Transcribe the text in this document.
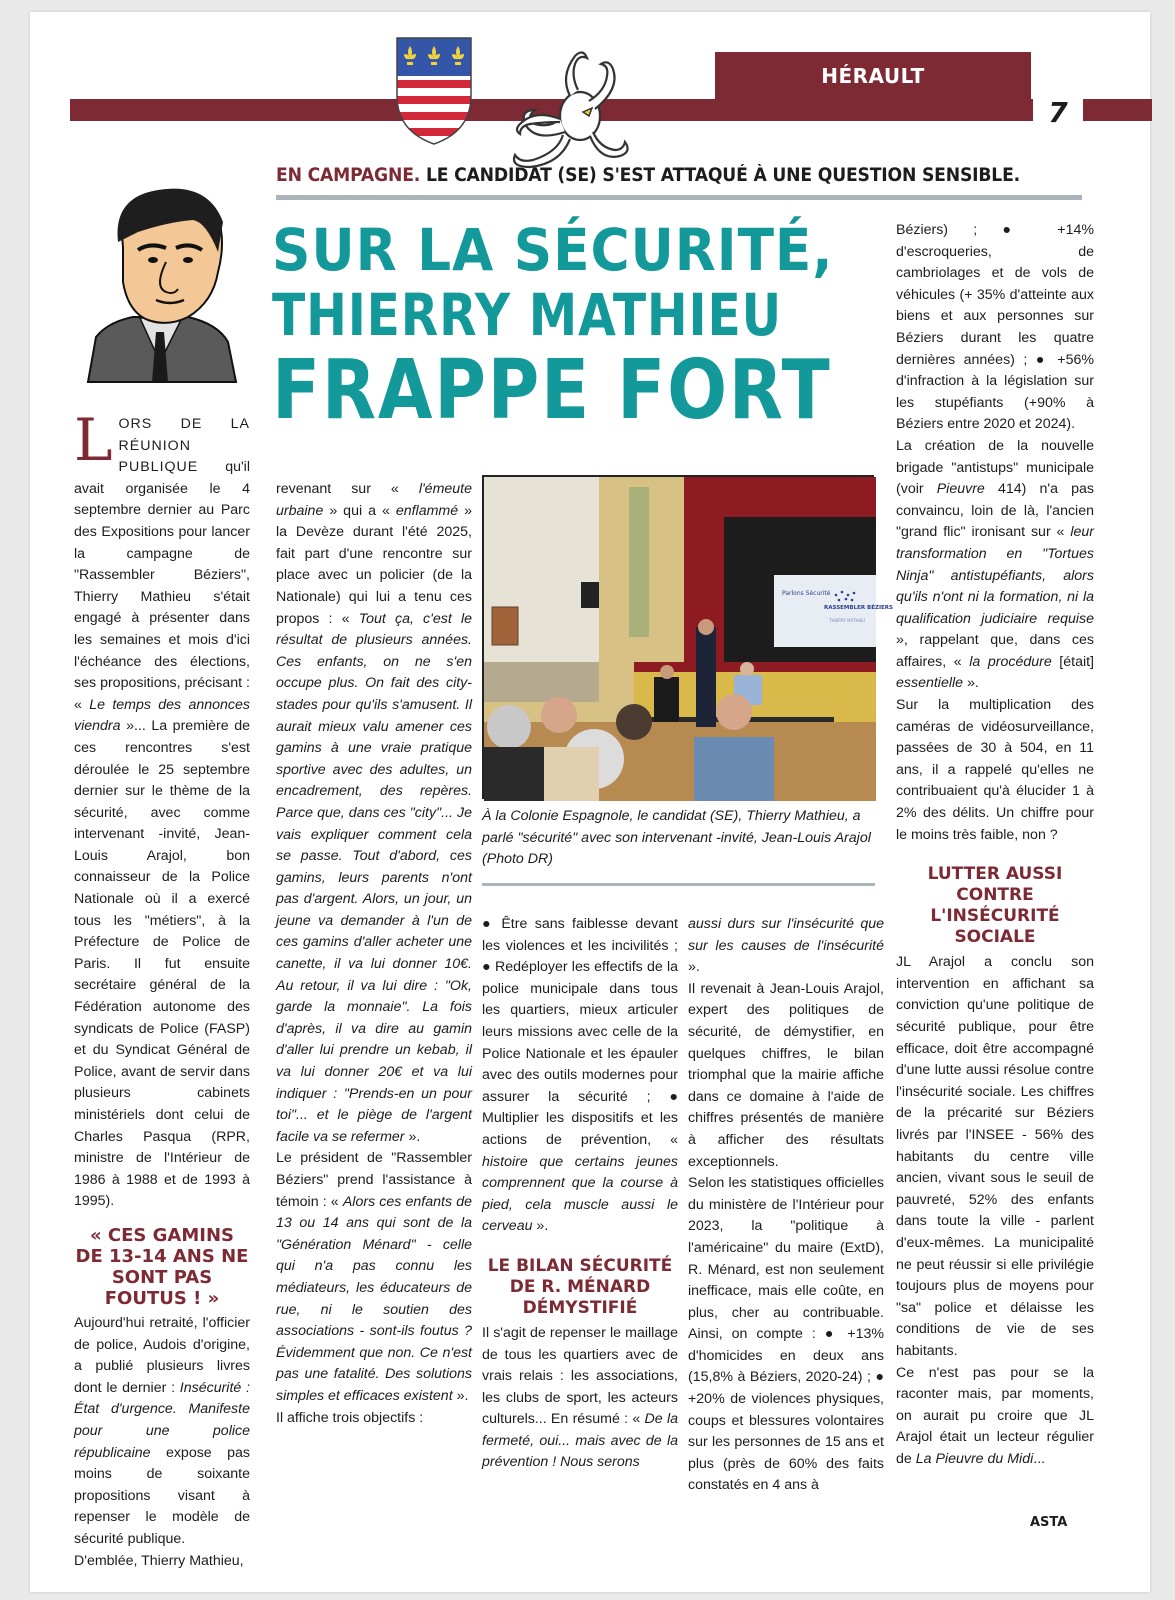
HÉRAULT
7
EN CAMPAGNE. LE CANDIDAT (SE) S'EST ATTAQUÉ À UNE QUESTION SENSIBLE.
SUR LA SÉCURITÉ,
THIERRY MATHIEU
FRAPPE FORT

LORS DE LA RÉUNION PUBLIQUE qu'il avait organisée le 4 septembre dernier au Parc des Expositions pour lancer la campagne de "Rassembler Béziers", Thierry Mathieu s'était engagé à présenter dans les semaines et mois d'ici l'échéance des élections, ses propositions, précisant : « Le temps des annonces viendra »... La première de ces rencontres s'est déroulée le 25 septembre dernier sur le thème de la sécurité, avec comme intervenant -invité, Jean-Louis Arajol, bon connaisseur de la Police Nationale où il a exercé tous les "métiers", à la Préfecture de Police de Paris. Il fut ensuite secrétaire général de la Fédération autonome des syndicats de Police (FASP) et du Syndicat Général de Police, avant de servir dans plusieurs cabinets ministériels dont celui de Charles Pasqua (RPR, ministre de l'Intérieur de 1986 à 1988 et de 1993 à 1995).

« CES GAMINS DE 13-14 ANS NE SONT PAS FOUTUS ! »

Aujourd'hui retraité, l'officier de police, Audois d'origine, a publié plusieurs livres dont le dernier : Insécurité : État d'urgence. Manifeste pour une police républicaine expose pas moins de soixante propositions visant à repenser le modèle de sécurité publique.

D'emblée, Thierry Mathieu,

revenant sur « l'émeute urbaine » qui a « enflammé » la Devèze durant l'été 2025, fait part d'une rencontre sur place avec un policier (de la Nationale) qui lui a tenu ces propos : « Tout ça, c'est le résultat de plusieurs années. Ces enfants, on ne s'en occupe plus. On fait des city-stades pour qu'ils s'amusent. Il aurait mieux valu amener ces gamins à une vraie pratique sportive avec des adultes, un encadrement, des repères. Parce que, dans ces "city"... Je vais expliquer comment cela se passe. Tout d'abord, ces gamins, leurs parents n'ont pas d'argent. Alors, un jour, un jeune va demander à l'un de ces gamins d'aller acheter une canette, il va lui donner 10€. Au retour, il va lui dire : "Ok, garde la monnaie". La fois d'après, il va dire au gamin d'aller lui prendre un kebab, il va lui donner 20€ et va lui indiquer : "Prends-en un pour toi"... et le piège de l'argent facile va se refermer ».

Le président de "Rassembler Béziers" prend l'assistance à témoin : « Alors ces enfants de 13 ou 14 ans qui sont de la "Génération Ménard" - celle qui n'a pas connu les médiateurs, les éducateurs de rue, ni le soutien des associations - sont-ils foutus ? Évidemment que non. Ce n'est pas une fatalité. Des solutions simples et efficaces existent ».

Il affiche trois objectifs :

Parlons Sécurité
RASSEMBLER BÉZIERS
THIERRY MATHIEU
À la Colonie Espagnole, le candidat (SE), Thierry Mathieu, a parlé "sécurité" avec son intervenant -invité, Jean-Louis Arajol (Photo DR)

● Être sans faiblesse devant les violences et les incivilités ; ● Redéployer les effectifs de la police municipale dans tous les quartiers, mieux articuler leurs missions avec celle de la Police Nationale et les épauler avec des outils modernes pour assurer la sécurité ; ● Multiplier les dispositifs et les actions de prévention, « histoire que certains jeunes comprennent que la course à pied, cela muscle aussi le cerveau ».

LE BILAN SÉCURITÉ DE R. MÉNARD DÉMYSTIFIÉ

Il s'agit de repenser le maillage de tous les quartiers avec de vrais relais : les associations, les clubs de sport, les acteurs culturels... En résumé : « De la fermeté, oui... mais avec de la prévention ! Nous serons

aussi durs sur l'insécurité que sur les causes de l'insécurité ».

Il revenait à Jean-Louis Arajol, expert des politiques de sécurité, de démystifier, en quelques chiffres, le bilan triomphal que la mairie affiche dans ce domaine à l'aide de chiffres présentés de manière à afficher des résultats exceptionnels.

Selon les statistiques officielles du ministère de l'Intérieur pour 2023, la "politique à l'américaine" du maire (ExtD), R. Ménard, est non seulement inefficace, mais elle coûte, en plus, cher au contribuable. Ainsi, on compte : ● +13% d'homicides en deux ans (15,8% à Béziers, 2020-24) ; ● +20% de violences physiques, coups et blessures volontaires sur les personnes de 15 ans et plus (près de 60% des faits constatés en 4 ans à

Béziers) ; ● +14% d'escroqueries, de cambriolages et de vols de véhicules (+ 35% d'atteinte aux biens et aux personnes sur Béziers durant les quatre dernières années) ; ● +56% d'infraction à la législation sur les stupéfiants (+90% à Béziers entre 2020 et 2024).

La création de la nouvelle brigade "antistups" municipale (voir Pieuvre 414) n'a pas convaincu, loin de là, l'ancien "grand flic" ironisant sur « leur transformation en "Tortues Ninja" antistupéfiants, alors qu'ils n'ont ni la formation, ni la qualification judiciaire requise », rappelant que, dans ces affaires, « la procédure [était] essentielle ».

Sur la multiplication des caméras de vidéosurveillance, passées de 30 à 504, en 11 ans, il a rappelé qu'elles ne contribuaient qu'à élucider 1 à 2% des délits. Un chiffre pour le moins très faible, non ?

LUTTER AUSSI CONTRE L'INSÉCURITÉ SOCIALE

JL Arajol a conclu son intervention en affichant sa conviction qu'une politique de sécurité publique, pour être efficace, doit être accompagné d'une lutte aussi résolue contre l'insécurité sociale. Les chiffres de la précarité sur Béziers livrés par l'INSEE - 56% des habitants du centre ville ancien, vivant sous le seuil de pauvreté, 52% des enfants dans toute la ville - parlent d'eux-mêmes. La municipalité ne peut réussir si elle privilégie toujours plus de moyens pour "sa" police et délaisse les conditions de vie de ses habitants.

Ce n'est pas pour se la raconter mais, par moments, on aurait pu croire que JL Arajol était un lecteur régulier de La Pieuvre du Midi...

ASTA
